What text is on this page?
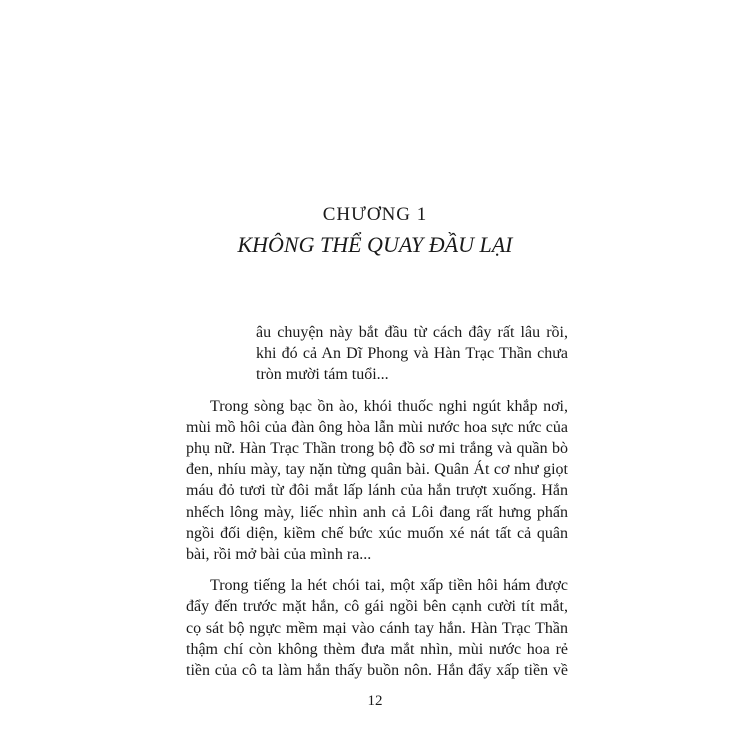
CHƯƠNG 1
KHÔNG THỂ QUAY ĐẦU LẠI

âu chuyện này bắt đầu từ cách đây rất lâu rồi,
khi đó cả An Dĩ Phong và Hàn Trạc Thần chưa
tròn mười tám tuổi...

Trong sòng bạc ồn ào, khói thuốc nghi ngút khắp nơi,
mùi mồ hôi của đàn ông hòa lẫn mùi nước hoa sực nức của
phụ nữ. Hàn Trạc Thần trong bộ đồ sơ mi trắng và quần bò
đen, nhíu mày, tay nặn từng quân bài. Quân Át cơ như giọt
máu đỏ tươi từ đôi mắt lấp lánh của hắn trượt xuống. Hắn
nhếch lông mày, liếc nhìn anh cả Lôi đang rất hưng phấn
ngồi đối diện, kiềm chế bức xúc muốn xé nát tất cả quân
bài, rồi mở bài của mình ra...

Trong tiếng la hét chói tai, một xấp tiền hôi hám được
đẩy đến trước mặt hắn, cô gái ngồi bên cạnh cười tít mắt,
cọ sát bộ ngực mềm mại vào cánh tay hắn. Hàn Trạc Thần
thậm chí còn không thèm đưa mắt nhìn, mùi nước hoa rẻ
tiền của cô ta làm hắn thấy buồn nôn. Hắn đẩy xấp tiền về

12
